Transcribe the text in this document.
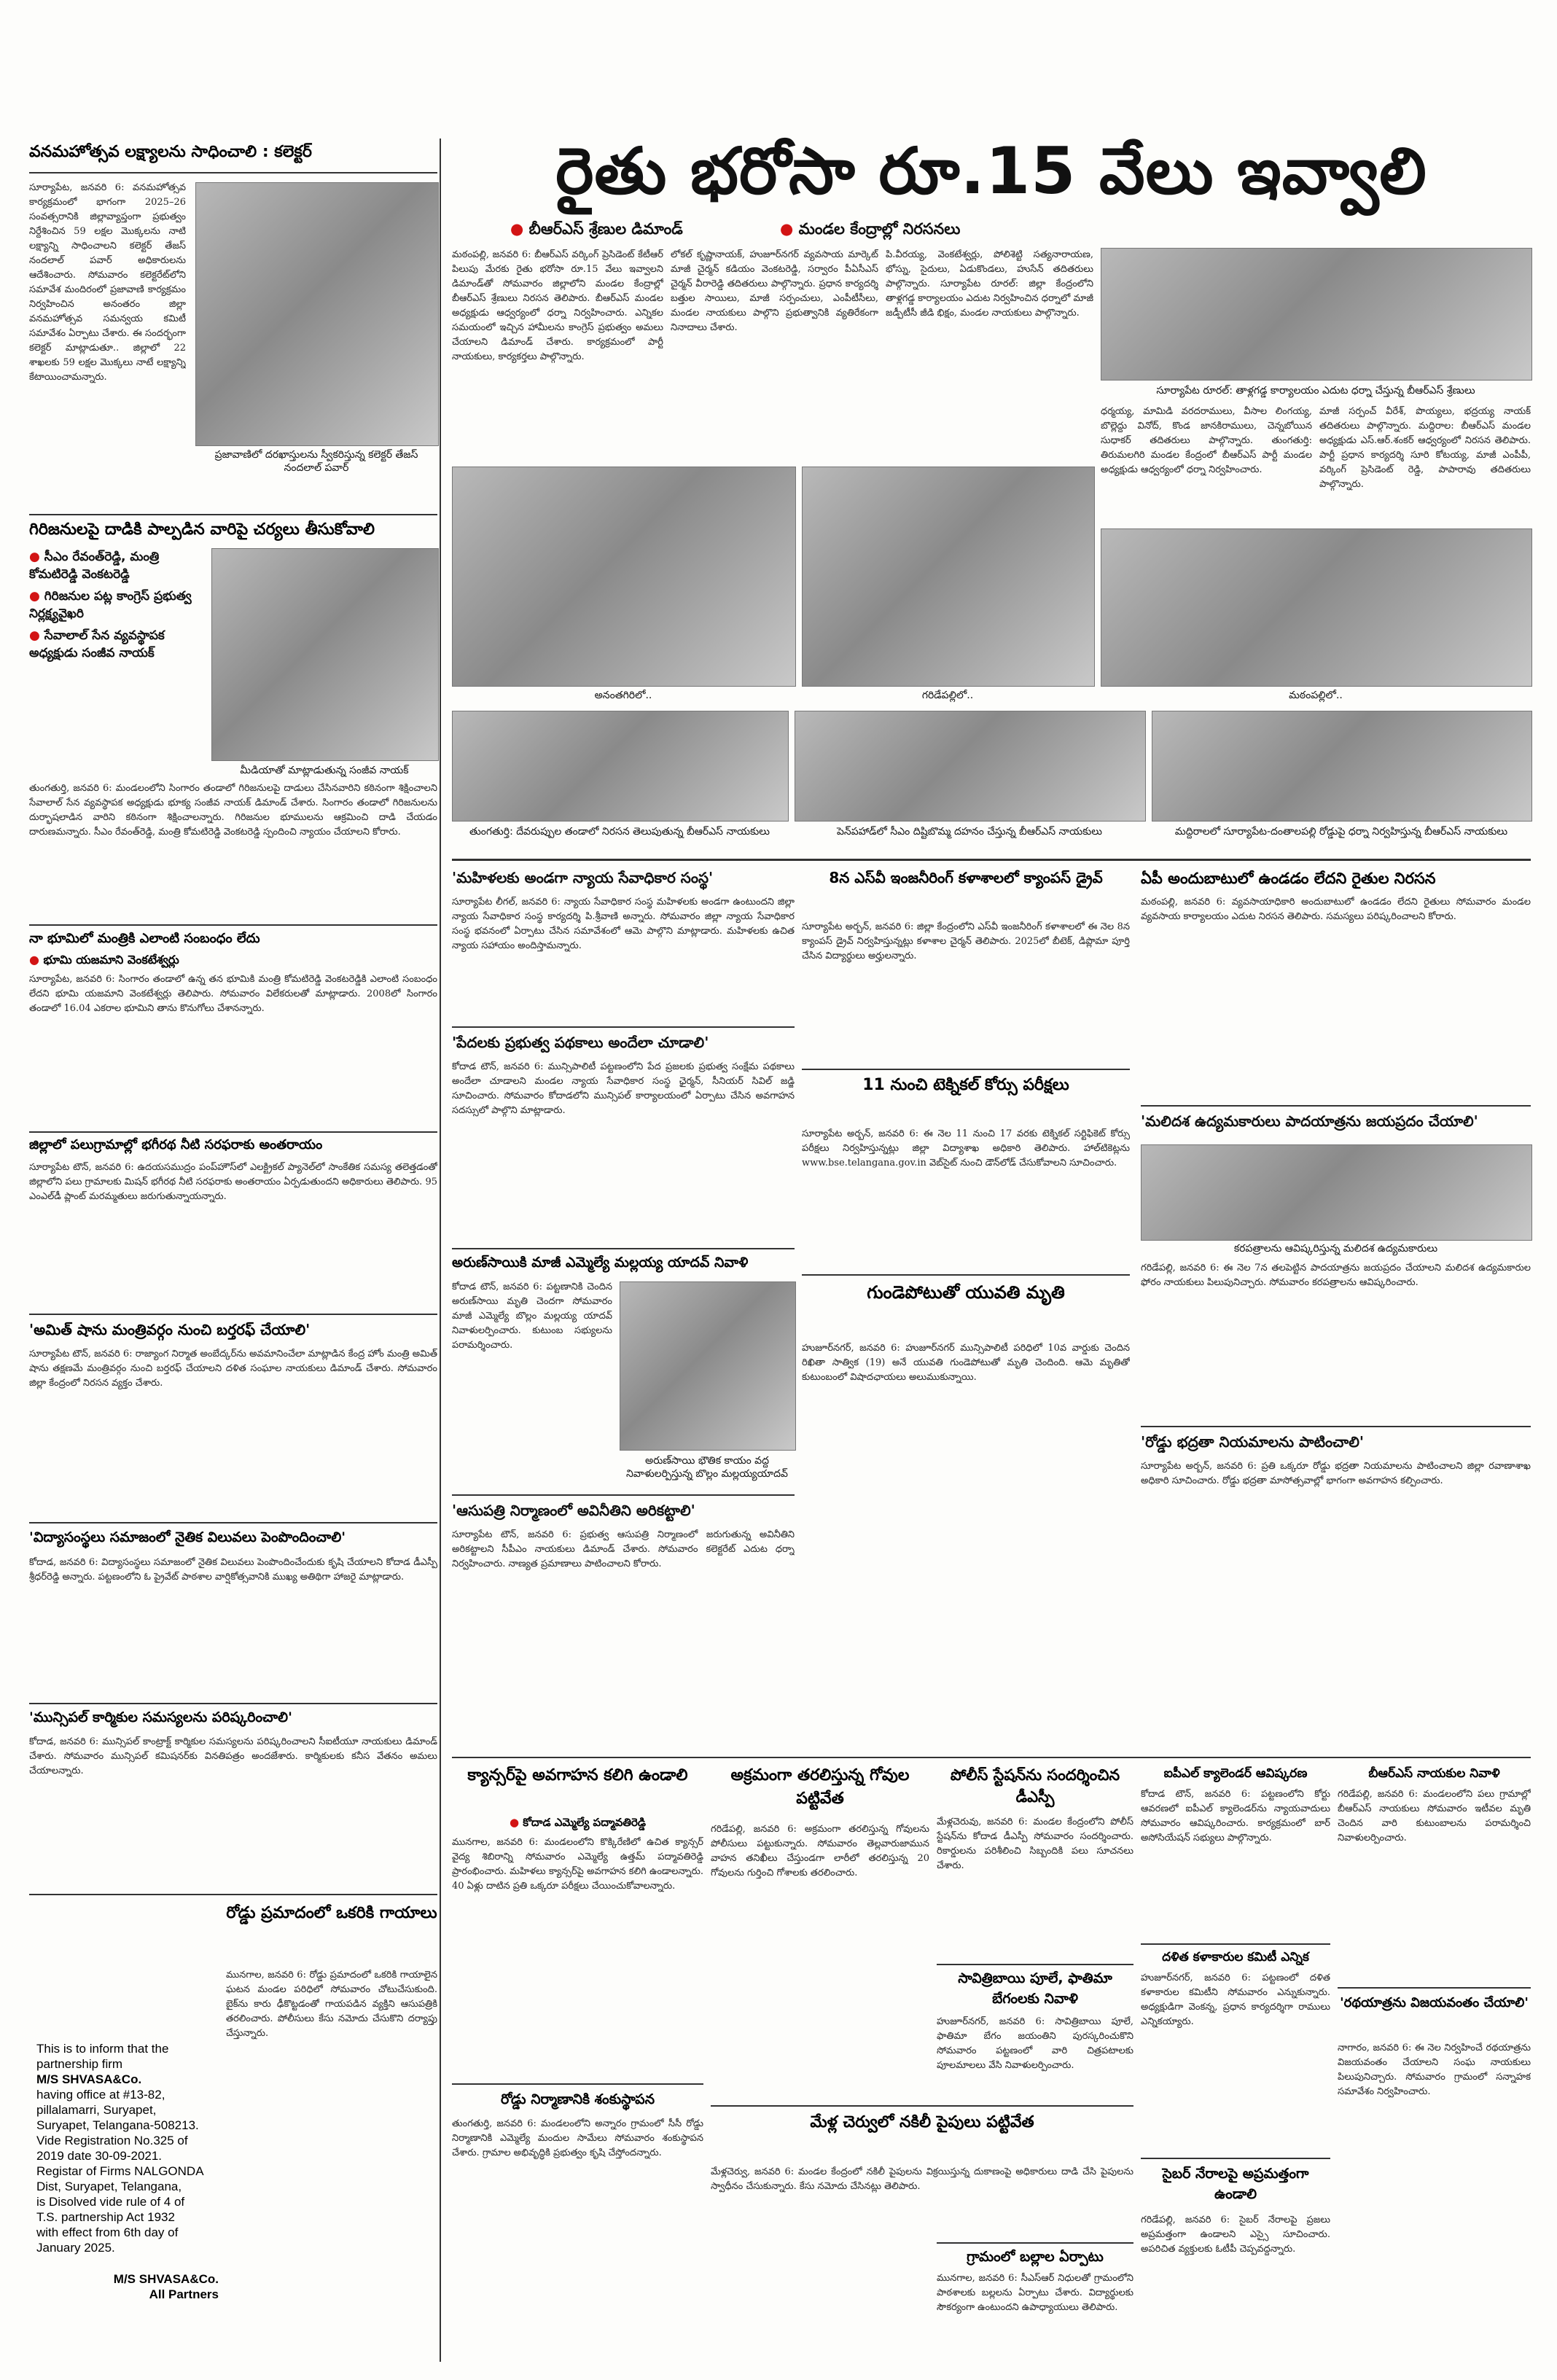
వనమహోత్సవ లక్ష్యాలను సాధించాలి : కలెక్టర్
సూర్యాపేట, జనవరి 6: వనమహోత్సవ కార్యక్రమంలో భాగంగా 2025–26 సంవత్సరానికి జిల్లావ్యాప్తంగా ప్రభుత్వం నిర్దేశించిన 59 లక్షల మొక్కలను నాటి లక్ష్యాన్ని సాధించాలని కలెక్టర్ తేజస్ నందలాల్ పవార్ అధికారులను ఆదేశించారు. సోమవారం కలెక్టరేట్‌లోని సమావేశ మందిరంలో ప్రజావాణి కార్యక్రమం నిర్వహించిన అనంతరం జిల్లా వనమహోత్సవ సమన్వయ కమిటీ సమావేశం ఏర్పాటు చేశారు. ఈ సందర్భంగా కలెక్టర్ మాట్లాడుతూ.. జిల్లాలో 22 శాఖలకు 59 లక్షల మొక్కలు నాటే లక్ష్యాన్ని కేటాయించామన్నారు.
ప్రజావాణిలో దరఖాస్తులను స్వీకరిస్తున్న కలెక్టర్ తేజస్ నందలాల్ పవార్
గిరిజనులపై దాడికి పాల్పడిన వారిపై చర్యలు తీసుకోవాలి
● సీఎం రేవంత్‌రెడ్డి, మంత్రి కోమటిరెడ్డి వెంకటరెడ్డి
● గిరిజనుల పట్ల కాంగ్రెస్ ప్రభుత్వ నిర్లక్ష్యవైఖరి
● సేవాలాల్ సేన వ్యవస్థాపక అధ్యక్షుడు సంజీవ నాయక్
మీడియాతో మాట్లాడుతున్న సంజీవ నాయక్
తుంగతుర్తి, జనవరి 6: మండలంలోని సింగారం తండాలో గిరిజనులపై దాడులు చేసినవారిని కఠినంగా శిక్షించాలని సేవాలాల్ సేన వ్యవస్థాపక అధ్యక్షుడు భూక్య సంజీవ నాయక్ డిమాండ్ చేశారు. సింగారం తండాలో గిరిజనులను దుర్భాషలాడిన వారిని కఠినంగా శిక్షించాలన్నారు. గిరిజనుల భూములను ఆక్రమించి దాడి చేయడం దారుణమన్నారు. సీఎం రేవంత్‌రెడ్డి, మంత్రి కోమటిరెడ్డి వెంకటరెడ్డి స్పందించి న్యాయం చేయాలని కోరారు.
నా భూమిలో మంత్రికి ఎలాంటి సంబంధం లేదు
● భూమి యజమాని వెంకటేశ్వర్లు
సూర్యాపేట, జనవరి 6: సింగారం తండాలో ఉన్న తన భూమికి మంత్రి కోమటిరెడ్డి వెంకటరెడ్డికి ఎలాంటి సంబంధం లేదని భూమి యజమాని వెంకటేశ్వర్లు తెలిపారు. సోమవారం విలేకరులతో మాట్లాడారు. 2008లో సింగారం తండాలో 16.04 ఎకరాల భూమిని తాను కొనుగోలు చేశానన్నారు.
జిల్లాలో పలుగ్రామాల్లో భగీరథ నీటి సరఫరాకు అంతరాయం
సూర్యాపేట టౌన్, జనవరి 6: ఉదయసముద్రం పంప్‌హౌస్‌లో ఎలక్ట్రికల్ ప్యానెల్‌లో సాంకేతిక సమస్య తలెత్తడంతో జిల్లాలోని పలు గ్రామాలకు మిషన్ భగీరథ నీటి సరఫరాకు అంతరాయం ఏర్పడుతుందని అధికారులు తెలిపారు. 95 ఎంఎల్‌డీ ప్లాంట్ మరమ్మతులు జరుగుతున్నాయన్నారు.
'అమిత్ షాను మంత్రివర్గం నుంచి బర్తరఫ్ చేయాలి'
సూర్యాపేట టౌన్, జనవరి 6: రాజ్యాంగ నిర్మాత అంబేద్కర్‌ను అవమానించేలా మాట్లాడిన కేంద్ర హోం మంత్రి అమిత్ షాను తక్షణమే మంత్రివర్గం నుంచి బర్తరఫ్ చేయాలని దళిత సంఘాల నాయకులు డిమాండ్ చేశారు. సోమవారం జిల్లా కేంద్రంలో నిరసన వ్యక్తం చేశారు.
'విద్యాసంస్థలు సమాజంలో నైతిక విలువలు పెంపొందించాలి'
కోదాడ, జనవరి 6: విద్యాసంస్థలు సమాజంలో నైతిక విలువలు పెంపొందించేందుకు కృషి చేయాలని కోదాడ డీఎస్పీ శ్రీధర్‌రెడ్డి అన్నారు. పట్టణంలోని ఓ ప్రైవేట్ పాఠశాల వార్షికోత్సవానికి ముఖ్య అతిథిగా హాజరై మాట్లాడారు.
'మున్సిపల్ కార్మికుల సమస్యలను పరిష్కరించాలి'
కోదాడ, జనవరి 6: మున్సిపల్ కాంట్రాక్ట్ కార్మికుల సమస్యలను పరిష్కరించాలని సీఐటీయూ నాయకులు డిమాండ్ చేశారు. సోమవారం మున్సిపల్ కమిషనర్‌కు వినతిపత్రం అందజేశారు. కార్మికులకు కనీస వేతనం అమలు చేయాలన్నారు.
రోడ్డు ప్రమాదంలో ఒకరికి గాయాలు
మునగాల, జనవరి 6: రోడ్డు ప్రమాదంలో ఒకరికి గాయాలైన ఘటన మండల పరిధిలో సోమవారం చోటుచేసుకుంది. బైక్‌ను కారు ఢీకొట్టడంతో గాయపడిన వ్యక్తిని ఆసుపత్రికి తరలించారు. పోలీసులు కేసు నమోదు చేసుకొని దర్యాప్తు చేస్తున్నారు.
This is to inform that the
partnership firm
M/S SHVASA&Co.
having office at #13-82,
pillalamarri, Suryapet,
Suryapet, Telangana-508213.
Vide Registration No.325 of
2019 date 30-09-2021.
Registar of Firms NALGONDA
Dist, Suryapet, Telangana,
is Disolved vide rule of 4 of
T.S. partnership Act 1932
with effect from 6th day of
January 2025.
M/S SHVASA&Co.
All Partners
రైతు భరోసా రూ.15 వేలు ఇవ్వాలి
● బీఆర్ఎస్ శ్రేణుల డిమాండ్	● మండల కేంద్రాల్లో నిరసనలు
మఠంపల్లి, జనవరి 6: బీఆర్‌ఎస్ వర్కింగ్ ప్రెసిడెంట్ కేటీఆర్ పిలుపు మేరకు రైతు భరోసా రూ.15 వేలు ఇవ్వాలని డిమాండ్‌తో సోమవారం జిల్లాలోని మండల కేంద్రాల్లో బీఆర్ఎస్ శ్రేణులు నిరసన తెలిపారు. బీఆర్ఎస్ మండల అధ్యక్షుడు ఆధ్వర్యంలో ధర్నా నిర్వహించారు. ఎన్నికల సమయంలో ఇచ్చిన హామీలను కాంగ్రెస్ ప్రభుత్వం అమలు చేయాలని డిమాండ్ చేశారు. కార్యక్రమంలో పార్టీ నాయకులు, కార్యకర్తలు పాల్గొన్నారు.
లోకల్ కృష్ణానాయక్, హుజూర్‌నగర్ వ్యవసాయ మార్కెట్ మాజీ చైర్మన్ కడియం వెంకటరెడ్డి, సర్వారం పీఏసీఎస్ చైర్మన్ వీరారెడ్డి తదితరులు పాల్గొన్నారు. ప్రధాన కార్యదర్శి బత్తుల సాయిలు, మాజీ సర్పంచులు, ఎంపీటీసీలు, మండల నాయకులు పాల్గొని ప్రభుత్వానికి వ్యతిరేకంగా నినాదాలు చేశారు.
పి.వీరయ్య, వెంకటేశ్వర్లు, పోలిశెట్టి సత్యనారాయణ, భోస్ను, సైదులు, ఏడుకొండలు, హుసేన్ తదితరులు పాల్గొన్నారు. సూర్యాపేట రూరల్: జిల్లా కేంద్రంలోని తాళ్లగడ్డ కార్యాలయం ఎదుట నిర్వహించిన ధర్నాలో మాజీ జడ్పీటీసీ జీడి భిక్షం, మండల నాయకులు పాల్గొన్నారు.
సూర్యాపేట రూరల్: తాళ్లగడ్డ కార్యాలయం ఎదుట ధర్నా చేస్తున్న బీఆర్ఎస్ శ్రేణులు
ధర్మయ్య, మామిడి వరదరాములు, వీసాల లింగయ్య, బొల్లెద్దు వినోద్, కొండ జానకిరాములు, చెన్నబోయిన సుధాకర్ తదితరులు పాల్గొన్నారు. తుంగతుర్తి: తిరుమలగిరి మండల కేంద్రంలో బీఆర్ఎస్ పార్టీ మండల అధ్యక్షుడు ఆధ్వర్యంలో ధర్నా నిర్వహించారు.
మాజీ సర్పంచ్ వీరేశ్, పొయ్యలు, భద్రయ్య నాయక్ తదితరులు పాల్గొన్నారు. మద్దిరాల: బీఆర్‌ఎస్ మండల అధ్యక్షుడు ఎస్.ఆర్.శంకర్ ఆధ్వర్యంలో నిరసన తెలిపారు. పార్టీ ప్రధాన కార్యదర్శి సూరి కోటయ్య, మాజీ ఎంపీపీ, వర్కింగ్ ప్రెసిడెంట్ రెడ్డి, పాపారావు తదితరులు పాల్గొన్నారు.
అనంతగిరిలో..	గరిడేపల్లిలో..	మఠంపల్లిలో..
తుంగతుర్తి: దేవరుప్పుల తండాలో నిరసన తెలుపుతున్న బీఆర్ఎస్ నాయకులు	పెన్‌పహాడ్‌లో సీఎం దిష్టిబొమ్మ దహనం చేస్తున్న బీఆర్ఎస్ నాయకులు	మద్దిరాలలో సూర్యాపేట-దంతాలపల్లి రోడ్డుపై ధర్నా నిర్వహిస్తున్న బీఆర్ఎస్ నాయకులు
'మహిళలకు అండగా న్యాయ సేవాధికార సంస్థ'
సూర్యాపేట లీగల్, జనవరి 6: న్యాయ సేవాధికార సంస్థ మహిళలకు అండగా ఉంటుందని జిల్లా న్యాయ సేవాధికార సంస్థ కార్యదర్శి పి.శ్రీవాణి అన్నారు. సోమవారం జిల్లా న్యాయ సేవాధికార సంస్థ భవనంలో ఏర్పాటు చేసిన సమావేశంలో ఆమె పాల్గొని మాట్లాడారు. మహిళలకు ఉచిత న్యాయ సహాయం అందిస్తామన్నారు.
'పేదలకు ప్రభుత్వ పథకాలు అందేలా చూడాలి'
కోదాడ టౌన్, జనవరి 6: మున్సిపాలిటీ పట్టణంలోని పేద ప్రజలకు ప్రభుత్వ సంక్షేమ పథకాలు అందేలా చూడాలని మండల న్యాయ సేవాధికార సంస్థ ఛైర్మన్, సీనియర్ సివిల్ జడ్జి సూచించారు. సోమవారం కోదాడలోని మున్సిపల్ కార్యాలయంలో ఏర్పాటు చేసిన అవగాహన సదస్సులో పాల్గొని మాట్లాడారు.
అరుణ్‌సాయికి మాజీ ఎమ్మెల్యే మల్లయ్య యాదవ్ నివాళి
కోదాడ టౌన్, జనవరి 6: పట్టణానికి చెందిన అరుణ్‌సాయి మృతి చెందగా సోమవారం మాజీ ఎమ్మెల్యే బొల్లం మల్లయ్య యాదవ్ నివాళులర్పించారు. కుటుంబ సభ్యులను పరామర్శించారు.
అరుణ్‌సాయి భౌతిక కాయం వద్ద నివాళులర్పిస్తున్న బొల్లం మల్లయ్యయాదవ్
'ఆసుపత్రి నిర్మాణంలో అవినీతిని అరికట్టాలి'
సూర్యాపేట టౌన్, జనవరి 6: ప్రభుత్వ ఆసుపత్రి నిర్మాణంలో జరుగుతున్న అవినీతిని అరికట్టాలని సీపీఎం నాయకులు డిమాండ్ చేశారు. సోమవారం కలెక్టరేట్ ఎదుట ధర్నా నిర్వహించారు. నాణ్యత ప్రమాణాలు పాటించాలని కోరారు.
8న ఎస్‌వీ ఇంజనీరింగ్ కళాశాలలో క్యాంపస్ డ్రైవ్
సూర్యాపేట అర్బన్, జనవరి 6: జిల్లా కేంద్రంలోని ఎస్‌వీ ఇంజనీరింగ్ కళాశాలలో ఈ నెల 8న క్యాంపస్ డ్రైవ్ నిర్వహిస్తున్నట్లు కళాశాల చైర్మన్ తెలిపారు. 2025లో బీటెక్, డిప్లొమా పూర్తి చేసిన విద్యార్థులు అర్హులన్నారు.
11 నుంచి టెక్నికల్ కోర్సు పరీక్షలు
సూర్యాపేట అర్బన్, జనవరి 6: ఈ నెల 11 నుంచి 17 వరకు టెక్నికల్ సర్టిఫికెట్ కోర్సు పరీక్షలు నిర్వహిస్తున్నట్లు జిల్లా విద్యాశాఖ అధికారి తెలిపారు. హాల్‌టికెట్లను www.bse.telangana.gov.in వెబ్‌సైట్ నుంచి డౌన్‌లోడ్ చేసుకోవాలని సూచించారు.
గుండెపోటుతో యువతి మృతి
హుజూర్‌నగర్, జనవరి 6: హుజూర్‌నగర్ మున్సిపాలిటీ పరిధిలో 10వ వార్డుకు చెందిన రిఖితా సాత్విక (19) అనే యువతి గుండెపోటుతో మృతి చెందింది. ఆమె మృతితో కుటుంబంలో విషాదఛాయలు అలుముకున్నాయి.
ఏపీ అందుబాటులో ఉండడం లేదని రైతుల నిరసన
మఠంపల్లి, జనవరి 6: వ్యవసాయాధికారి అందుబాటులో ఉండడం లేదని రైతులు సోమవారం మండల వ్యవసాయ కార్యాలయం ఎదుట నిరసన తెలిపారు. సమస్యలు పరిష్కరించాలని కోరారు.
'మలిదశ ఉద్యమకారులు పాదయాత్రను జయప్రదం చేయాలి'
కరపత్రాలను ఆవిష్కరిస్తున్న మలిదశ ఉద్యమకారులు
గరిడేపల్లి, జనవరి 6: ఈ నెల 7న తలపెట్టిన పాదయాత్రను జయప్రదం చేయాలని మలిదశ ఉద్యమకారుల ఫోరం నాయకులు పిలుపునిచ్చారు. సోమవారం కరపత్రాలను ఆవిష్కరించారు.
'రోడ్డు భద్రతా నియమాలను పాటించాలి'
సూర్యాపేట అర్బన్, జనవరి 6: ప్రతి ఒక్కరూ రోడ్డు భద్రతా నియమాలను పాటించాలని జిల్లా రవాణాశాఖ అధికారి సూచించారు. రోడ్డు భద్రతా మాసోత్సవాల్లో భాగంగా అవగాహన కల్పించారు.
క్యాన్సర్‌పై అవగాహన కలిగి ఉండాలి
● కోదాడ ఎమ్మెల్యే పద్మావతిరెడ్డి
మునగాల, జనవరి 6: మండలంలోని కొక్కిరేణిలో ఉచిత క్యాన్సర్ వైద్య శిబిరాన్ని సోమవారం ఎమ్మెల్యే ఉత్తమ్ పద్మావతిరెడ్డి ప్రారంభించారు. మహిళలు క్యాన్సర్‌పై అవగాహన కలిగి ఉండాలన్నారు. 40 ఏళ్లు దాటిన ప్రతి ఒక్కరూ పరీక్షలు చేయించుకోవాలన్నారు.
రోడ్డు నిర్మాణానికి శంకుస్థాపన
తుంగతుర్తి, జనవరి 6: మండలంలోని అన్నారం గ్రామంలో సీసీ రోడ్డు నిర్మాణానికి ఎమ్మెల్యే మందుల సామేలు సోమవారం శంకుస్థాపన చేశారు. గ్రామాల అభివృద్ధికి ప్రభుత్వం కృషి చేస్తోందన్నారు.
అక్రమంగా తరలిస్తున్న గోవుల పట్టివేత
గరిడేపల్లి, జనవరి 6: అక్రమంగా తరలిస్తున్న గోవులను పోలీసులు పట్టుకున్నారు. సోమవారం తెల్లవారుజామున వాహన తనిఖీలు చేస్తుండగా లారీలో తరలిస్తున్న 20 గోవులను గుర్తించి గోశాలకు తరలించారు.
పోలీస్ స్టేషన్‌ను సందర్శించిన డీఎస్పీ
మేళ్లచెరువు, జనవరి 6: మండల కేంద్రంలోని పోలీస్ స్టేషన్‌ను కోదాడ డీఎస్పీ సోమవారం సందర్శించారు. రికార్డులను పరిశీలించి సిబ్బందికి పలు సూచనలు చేశారు.
సావిత్రిబాయి పూలే, ఫాతిమా బేగంలకు నివాళి
హుజూర్‌నగర్, జనవరి 6: సావిత్రిబాయి పూలే, ఫాతిమా బేగం జయంతిని పురస్కరించుకొని సోమవారం పట్టణంలో వారి చిత్రపటాలకు పూలమాలలు వేసి నివాళులర్పించారు.
మేళ్ల చెర్వులో నకిలీ పైపులు పట్టివేత
మేళ్లచెర్వు, జనవరి 6: మండల కేంద్రంలో నకిలీ పైపులను విక్రయిస్తున్న దుకాణంపై అధికారులు దాడి చేసి పైపులను స్వాధీనం చేసుకున్నారు. కేసు నమోదు చేసినట్లు తెలిపారు.
గ్రామంలో బల్లాల ఏర్పాటు
మునగాల, జనవరి 6: సీఎస్ఆర్ నిధులతో గ్రామంలోని పాఠశాలకు బల్లలను ఏర్పాటు చేశారు. విద్యార్థులకు సౌకర్యంగా ఉంటుందని ఉపాధ్యాయులు తెలిపారు.
ఐపీఎల్ క్యాలెండర్ ఆవిష్కరణ
కోదాడ టౌన్, జనవరి 6: పట్టణంలోని కోర్టు ఆవరణలో ఐపీఎల్ క్యాలెండర్‌ను న్యాయవాదులు సోమవారం ఆవిష్కరించారు. కార్యక్రమంలో బార్ అసోసియేషన్ సభ్యులు పాల్గొన్నారు.
దళిత కళాకారుల కమిటీ ఎన్నిక
హుజూర్‌నగర్, జనవరి 6: పట్టణంలో దళిత కళాకారుల కమిటీని సోమవారం ఎన్నుకున్నారు. అధ్యక్షుడిగా వెంకన్న, ప్రధాన కార్యదర్శిగా రాములు ఎన్నికయ్యారు.
సైబర్ నేరాలపై అప్రమత్తంగా ఉండాలి
గరిడేపల్లి, జనవరి 6: సైబర్ నేరాలపై ప్రజలు అప్రమత్తంగా ఉండాలని ఎస్సై సూచించారు. అపరిచిత వ్యక్తులకు ఓటీపీ చెప్పవద్దన్నారు.
బీఆర్ఎస్ నాయకుల నివాళి
గరిడేపల్లి, జనవరి 6: మండలంలోని పలు గ్రామాల్లో బీఆర్ఎస్ నాయకులు సోమవారం ఇటీవల మృతి చెందిన వారి కుటుంబాలను పరామర్శించి నివాళులర్పించారు.
'రథయాత్రను విజయవంతం చేయాలి'
నాగారం, జనవరి 6: ఈ నెల నిర్వహించే రథయాత్రను విజయవంతం చేయాలని సంఘ నాయకులు పిలుపునిచ్చారు. సోమవారం గ్రామంలో సన్నాహక సమావేశం నిర్వహించారు.
